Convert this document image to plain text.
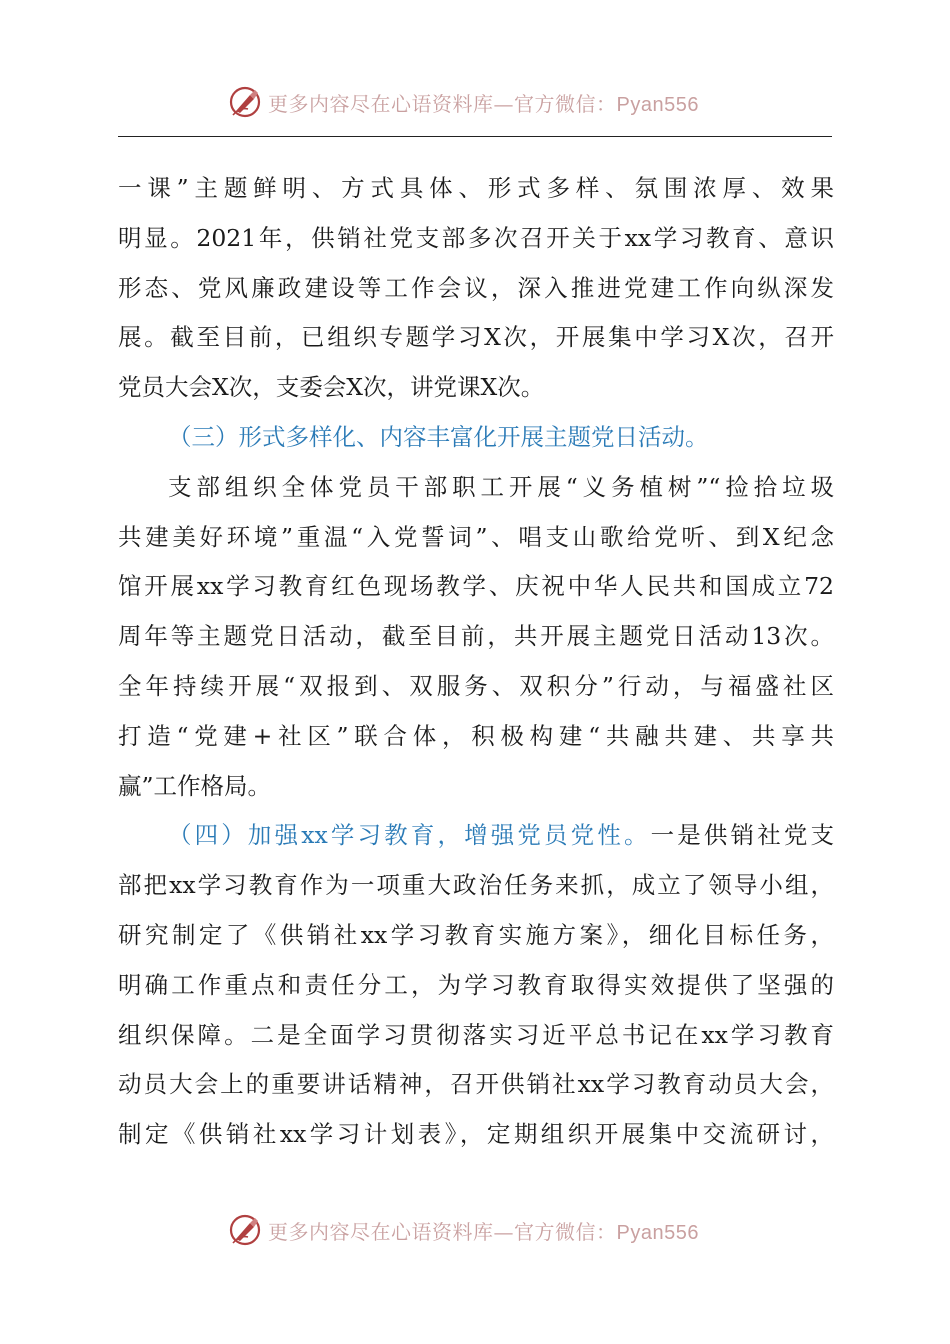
更多内容尽在心语资料库—官方微信：Pyan556
一课”主题鲜明、方式具体、形式多样、氛围浓厚、效果
明显。2021年，供销社党支部多次召开关于xx学习教育、意识
形态、党风廉政建设等工作会议，深入推进党建工作向纵深发
展。截至目前，已组织专题学习X次，开展集中学习X次，召开
党员大会X次，支委会X次，讲党课X次。
（三）形式多样化、内容丰富化开展主题党日活动。
支部组织全体党员干部职工开展“义务植树”“捡拾垃圾
共建美好环境”重温“入党誓词”、唱支山歌给党听、到X纪念
馆开展xx学习教育红色现场教学、庆祝中华人民共和国成立72
周年等主题党日活动，截至目前，共开展主题党日活动13次。
全年持续开展“双报到、双服务、双积分”行动，与福盛社区
打造“党建+社区”联合体，积极构建“共融共建、共享共
赢”工作格局。
（四）加强xx学习教育，增强党员党性。一是供销社党支
部把xx学习教育作为一项重大政治任务来抓，成立了领导小组，
研究制定了《供销社xx学习教育实施方案》，细化目标任务，
明确工作重点和责任分工，为学习教育取得实效提供了坚强的
组织保障。二是全面学习贯彻落实习近平总书记在xx学习教育
动员大会上的重要讲话精神，召开供销社xx学习教育动员大会，
制定《供销社xx学习计划表》，定期组织开展集中交流研讨，
更多内容尽在心语资料库—官方微信：Pyan556
